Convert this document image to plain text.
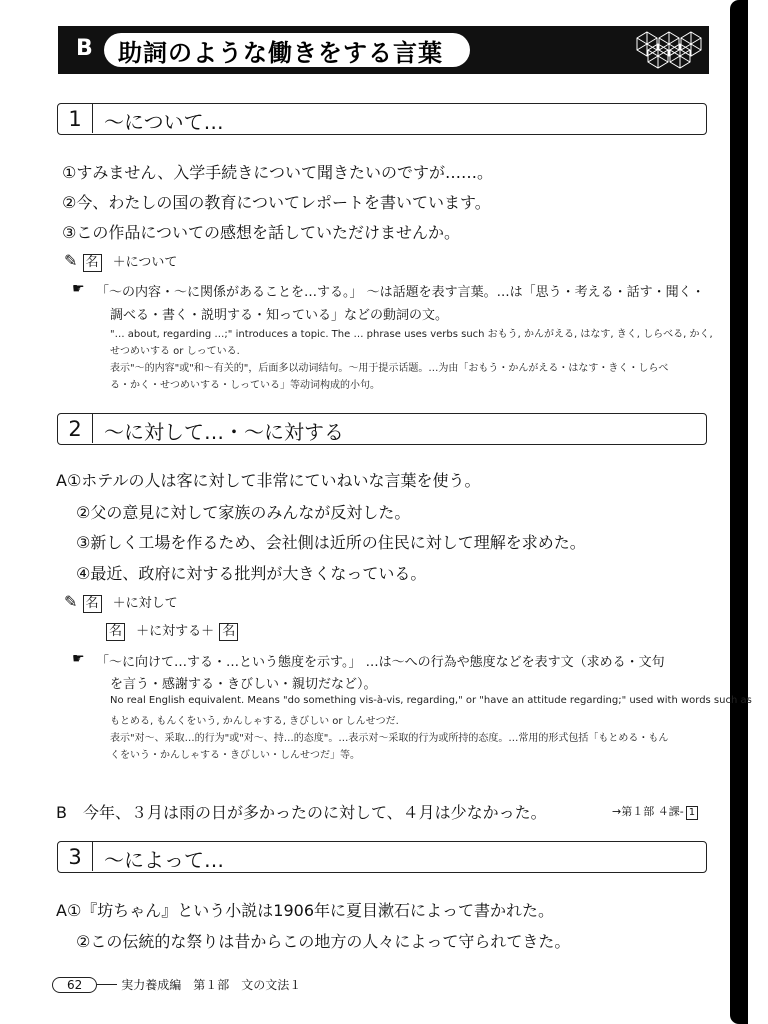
B 助詞のような働きをする言葉
1	〜について…
①すみません、入学手続きについて聞きたいのですが……。
②今、わたしの国の教育についてレポートを書いています。
③この作品についての感想を話していただけませんか。
✎ 名 ＋について
☛ 「〜の内容・〜に関係があることを…する。」 〜は話題を表す言葉。…は「思う・考える・話す・聞く・
調べる・書く・説明する・知っている」などの動詞の文。
"… about, regarding …;" introduces a topic. The … phrase uses verbs such おもう, かんがえる, はなす, きく, しらべる, かく,
せつめいする or しっている.
表示"〜的内容"或"和〜有关的"，后面多以动词结句。〜用于提示话题。…为由「おもう・かんがえる・はなす・きく・しらべ
る・かく・せつめいする・しっている」等动词构成的小句。
2	〜に対して…・〜に対する
A①ホテルの人は客に対して非常にていねいな言葉を使う。
②父の意見に対して家族のみんなが反対した。
③新しく工場を作るため、会社側は近所の住民に対して理解を求めた。
④最近、政府に対する批判が大きくなっている。
✎ 名 ＋に対して
名 ＋に対する＋ 名
☛ 「〜に向けて…する・…という態度を示す。」 …は〜への行為や態度などを表す文（求める・文句
を言う・感謝する・きびしい・親切だなど）。
No real English equivalent. Means "do something vis-à-vis, regarding," or "have an attitude regarding;" used with words such as
もとめる, もんくをいう, かんしゃする, きびしい or しんせつだ.
表示"对〜、采取…的行为"或"对〜、持…的态度"。…表示对〜采取的行为或所持的态度。…常用的形式包括「もとめる・もん
くをいう・かんしゃする・きびしい・しんせつだ」等。
B　今年、３月は雨の日が多かったのに対して、４月は少なかった。	→第１部 ４課- 1
3	〜によって…
A①『坊ちゃん』という小説は1906年に夏目漱石によって書かれた。
②この伝統的な祭りは昔からこの地方の人々によって守られてきた。
62	実力養成編　第１部　文の文法１
